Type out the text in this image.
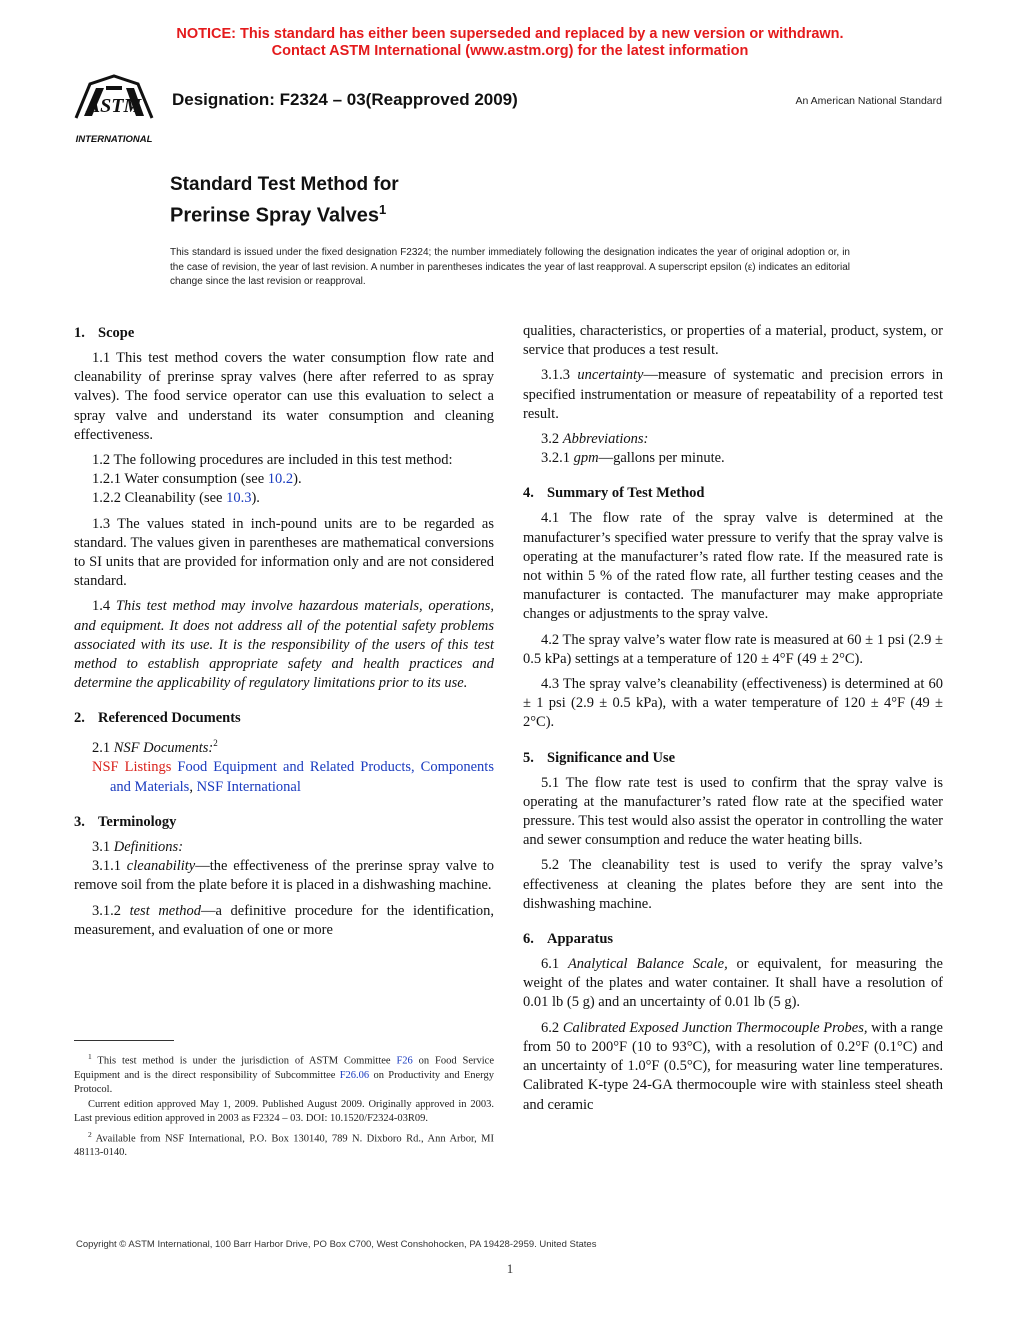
NOTICE: This standard has either been superseded and replaced by a new version or withdrawn.
Contact ASTM International (www.astm.org) for the latest information
ASTM
INTERNATIONAL
Designation: F2324 – 03(Reapproved 2009)	An American National Standard
Standard Test Method for
Prerinse Spray Valves$^1$
This standard is issued under the fixed designation F2324; the number immediately following the designation indicates the year of original adoption or, in the case of revision, the year of last revision. A number in parentheses indicates the year of last reapproval. A superscript epsilon (ε) indicates an editorial change since the last revision or reapproval.
1. Scope

1.1 This test method covers the water consumption flow rate and cleanability of prerinse spray valves (here after referred to as spray valves). The food service operator can use this evaluation to select a spray valve and understand its water consumption and cleaning effectiveness.

1.2 The following procedures are included in this test method:

1.2.1 Water consumption (see 10.2).

1.2.2 Cleanability (see 10.3).

1.3 The values stated in inch-pound units are to be regarded as standard. The values given in parentheses are mathematical conversions to SI units that are provided for information only and are not considered standard.

1.4 This test method may involve hazardous materials, operations, and equipment. It does not address all of the potential safety problems associated with its use. It is the responsibility of the users of this test method to establish appropriate safety and health practices and determine the applicability of regulatory limitations prior to its use.

2. Referenced Documents

2.1 NSF Documents:$^2$

NSF Listings Food Equipment and Related Products, Components and Materials, NSF International

3. Terminology

3.1 Definitions:

3.1.1 cleanability—the effectiveness of the prerinse spray valve to remove soil from the plate before it is placed in a dishwashing machine.

3.1.2 test method—a definitive procedure for the identification, measurement, and evaluation of one or more

qualities, characteristics, or properties of a material, product, system, or service that produces a test result.

3.1.3 uncertainty—measure of systematic and precision errors in specified instrumentation or measure of repeatability of a reported test result.

3.2 Abbreviations:

3.2.1 gpm—gallons per minute.

4. Summary of Test Method

4.1 The flow rate of the spray valve is determined at the manufacturer’s specified water pressure to verify that the spray valve is operating at the manufacturer’s rated flow rate. If the measured rate is not within 5 % of the rated flow rate, all further testing ceases and the manufacturer is contacted. The manufacturer may make appropriate changes or adjustments to the spray valve.

4.2 The spray valve’s water flow rate is measured at 60 ± 1 psi (2.9 ± 0.5 kPa) settings at a temperature of 120 ± 4°F (49 ± 2°C).

4.3 The spray valve’s cleanability (effectiveness) is determined at 60 ± 1 psi (2.9 ± 0.5 kPa), with a water temperature of 120 ± 4°F (49 ± 2°C).

5. Significance and Use

5.1 The flow rate test is used to confirm that the spray valve is operating at the manufacturer’s rated flow rate at the specified water pressure. This test would also assist the operator in controlling the water and sewer consumption and reduce the water heating bills.

5.2 The cleanability test is used to verify the spray valve’s effectiveness at cleaning the plates before they are sent into the dishwashing machine.

6. Apparatus

6.1 Analytical Balance Scale, or equivalent, for measuring the weight of the plates and water container. It shall have a resolution of 0.01 lb (5 g) and an uncertainty of 0.01 lb (5 g).

6.2 Calibrated Exposed Junction Thermocouple Probes, with a range from 50 to 200°F (10 to 93°C), with a resolution of 0.2°F (0.1°C) and an uncertainty of 1.0°F (0.5°C), for measuring water line temperatures. Calibrated K-type 24-GA thermocouple wire with stainless steel sheath and ceramic

$^1$ This test method is under the jurisdiction of ASTM Committee F26 on Food Service Equipment and is the direct responsibility of Subcommittee F26.06 on Productivity and Energy Protocol.

Current edition approved May 1, 2009. Published August 2009. Originally approved in 2003. Last previous edition approved in 2003 as F2324 – 03. DOI: 10.1520/F2324-03R09.

$^2$ Available from NSF International, P.O. Box 130140, 789 N. Dixboro Rd., Ann Arbor, MI 48113-0140.

Copyright © ASTM International, 100 Barr Harbor Drive, PO Box C700, West Conshohocken, PA 19428-2959. United States
1
